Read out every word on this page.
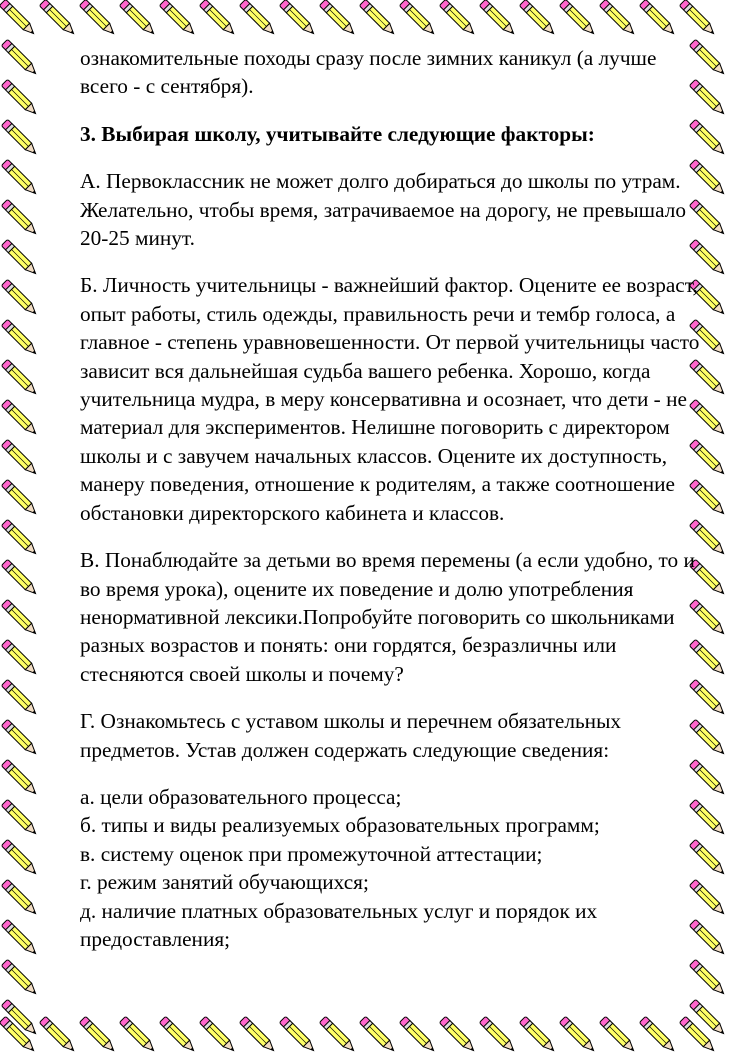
ознакомительные походы сразу после зимних каникул (а лучше всего - с сентября).

3. Выбирая школу, учитывайте следующие факторы:

А. Первоклассник не может долго добираться до школы по утрам. Желательно, чтобы время, затрачиваемое на дорогу, не превышало 20-25 минут.

Б. Личность учительницы - важнейший фактор. Оцените ее возраст, опыт работы, стиль одежды, правильность речи и тембр голоса, а главное - степень уравновешенности. От первой учительницы часто зависит вся дальнейшая судьба вашего ребенка. Хорошо, когда учительница мудра, в меру консервативна и осознает, что дети - не материал для экспериментов. Нелишне поговорить с директором школы и с завучем начальных классов. Оцените их доступность, манеру поведения, отношение к родителям, а также соотношение обстановки директорского кабинета и классов.

В. Понаблюдайте за детьми во время перемены (а если удобно, то и во время урока), оцените их поведение и долю употребления ненормативной лексики.Попробуйте поговорить со школьниками разных возрастов и понять: они гордятся, безразличны или стесняются своей школы и почему?

Г. Ознакомьтесь с уставом школы и перечнем обязательных предметов. Устав должен содержать следующие сведения:

а. цели образовательного процесса;
б. типы и виды реализуемых образовательных программ;
в. систему оценок при промежуточной аттестации;
г. режим занятий обучающихся;
д. наличие платных образовательных услуг и порядок их предоставления;
